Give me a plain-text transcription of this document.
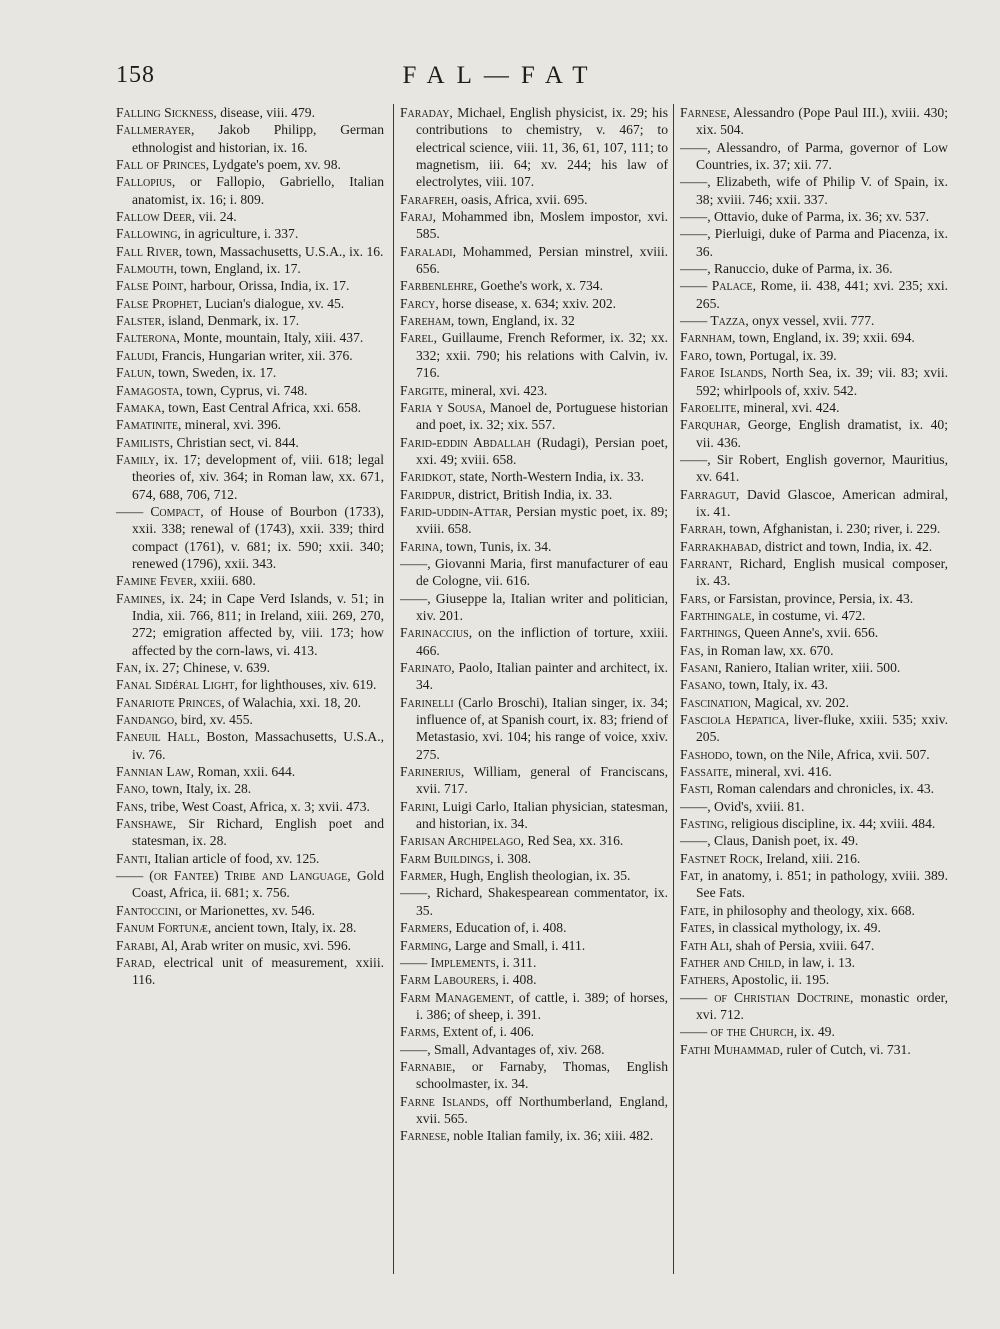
158	FAL—FAT

Falling Sickness, disease, viii. 479.

Fallmerayer, Jakob Philipp, German ethnologist and historian, ix. 16.

Fall of Princes, Lydgate's poem, xv. 98.

Fallopius, or Fallopio, Gabriello, Italian anatomist, ix. 16; i. 809.

Fallow Deer, vii. 24.

Fallowing, in agriculture, i. 337.

Fall River, town, Massachusetts, U.S.A., ix. 16.

Falmouth, town, England, ix. 17.

False Point, harbour, Orissa, India, ix. 17.

False Prophet, Lucian's dialogue, xv. 45.

Falster, island, Denmark, ix. 17.

Falterona, Monte, mountain, Italy, xiii. 437.

Faludi, Francis, Hungarian writer, xii. 376.

Falun, town, Sweden, ix. 17.

Famagosta, town, Cyprus, vi. 748.

Famaka, town, East Central Africa, xxi. 658.

Famatinite, mineral, xvi. 396.

Familists, Christian sect, vi. 844.

Family, ix. 17; development of, viii. 618; legal theories of, xiv. 364; in Roman law, xx. 671, 674, 688, 706, 712.

—— Compact, of House of Bourbon (1733), xxii. 338; renewal of (1743), xxii. 339; third compact (1761), v. 681; ix. 590; xxii. 340; renewed (1796), xxii. 343.

Famine Fever, xxiii. 680.

Famines, ix. 24; in Cape Verd Islands, v. 51; in India, xii. 766, 811; in Ireland, xiii. 269, 270, 272; emigration affected by, viii. 173; how affected by the corn-laws, vi. 413.

Fan, ix. 27; Chinese, v. 639.

Fanal Sidéral Light, for lighthouses, xiv. 619.

Fanariote Princes, of Walachia, xxi. 18, 20.

Fandango, bird, xv. 455.

Faneuil Hall, Boston, Massachusetts, U.S.A., iv. 76.

Fannian Law, Roman, xxii. 644.

Fano, town, Italy, ix. 28.

Fans, tribe, West Coast, Africa, x. 3; xvii. 473.

Fanshawe, Sir Richard, English poet and statesman, ix. 28.

Fanti, Italian article of food, xv. 125.

—— (or Fantee) Tribe and Language, Gold Coast, Africa, ii. 681; x. 756.

Fantoccini, or Marionettes, xv. 546.

Fanum Fortunæ, ancient town, Italy, ix. 28.

Farabi, Al, Arab writer on music, xvi. 596.

Farad, electrical unit of measurement, xxiii. 116.

Faraday, Michael, English physicist, ix. 29; his contributions to chemistry, v. 467; to electrical science, viii. 11, 36, 61, 107, 111; to magnetism, iii. 64; xv. 244; his law of electrolytes, viii. 107.

Farafreh, oasis, Africa, xvii. 695.

Faraj, Mohammed ibn, Moslem impostor, xvi. 585.

Faraladi, Mohammed, Persian minstrel, xviii. 656.

Farbenlehre, Goethe's work, x. 734.

Farcy, horse disease, x. 634; xxiv. 202.

Fareham, town, England, ix. 32

Farel, Guillaume, French Reformer, ix. 32; xx. 332; xxii. 790; his relations with Calvin, iv. 716.

Fargite, mineral, xvi. 423.

Faria y Sousa, Manoel de, Portuguese historian and poet, ix. 32; xix. 557.

Farid-eddin Abdallah (Rudagi), Persian poet, xxi. 49; xviii. 658.

Faridkot, state, North-Western India, ix. 33.

Faridpur, district, British India, ix. 33.

Farid-uddin-Attar, Persian mystic poet, ix. 89; xviii. 658.

Farina, town, Tunis, ix. 34.

——, Giovanni Maria, first manufacturer of eau de Cologne, vii. 616.

——, Giuseppe la, Italian writer and politician, xiv. 201.

Farinaccius, on the infliction of torture, xxiii. 466.

Farinato, Paolo, Italian painter and architect, ix. 34.

Farinelli (Carlo Broschi), Italian singer, ix. 34; influence of, at Spanish court, ix. 83; friend of Metastasio, xvi. 104; his range of voice, xxiv. 275.

Farinerius, William, general of Franciscans, xvii. 717.

Farini, Luigi Carlo, Italian physician, statesman, and historian, ix. 34.

Farisan Archipelago, Red Sea, xx. 316.

Farm Buildings, i. 308.

Farmer, Hugh, English theologian, ix. 35.

——, Richard, Shakespearean commentator, ix. 35.

Farmers, Education of, i. 408.

Farming, Large and Small, i. 411.

—— Implements, i. 311.

Farm Labourers, i. 408.

Farm Management, of cattle, i. 389; of horses, i. 386; of sheep, i. 391.

Farms, Extent of, i. 406.

——, Small, Advantages of, xiv. 268.

Farnabie, or Farnaby, Thomas, English schoolmaster, ix. 34.

Farne Islands, off Northumberland, England, xvii. 565.

Farnese, noble Italian family, ix. 36; xiii. 482.

Farnese, Alessandro (Pope Paul III.), xviii. 430; xix. 504.

——, Alessandro, of Parma, governor of Low Countries, ix. 37; xii. 77.

——, Elizabeth, wife of Philip V. of Spain, ix. 38; xviii. 746; xxii. 337.

——, Ottavio, duke of Parma, ix. 36; xv. 537.

——, Pierluigi, duke of Parma and Piacenza, ix. 36.

——, Ranuccio, duke of Parma, ix. 36.

—— Palace, Rome, ii. 438, 441; xvi. 235; xxi. 265.

—— Tazza, onyx vessel, xvii. 777.

Farnham, town, England, ix. 39; xxii. 694.

Faro, town, Portugal, ix. 39.

Faroe Islands, North Sea, ix. 39; vii. 83; xvii. 592; whirlpools of, xxiv. 542.

Faroelite, mineral, xvi. 424.

Farquhar, George, English dramatist, ix. 40; vii. 436.

——, Sir Robert, English governor, Mauritius, xv. 641.

Farragut, David Glascoe, American admiral, ix. 41.

Farrah, town, Afghanistan, i. 230; river, i. 229.

Farrakhabad, district and town, India, ix. 42.

Farrant, Richard, English musical composer, ix. 43.

Fars, or Farsistan, province, Persia, ix. 43.

Farthingale, in costume, vi. 472.

Farthings, Queen Anne's, xvii. 656.

Fas, in Roman law, xx. 670.

Fasani, Raniero, Italian writer, xiii. 500.

Fasano, town, Italy, ix. 43.

Fascination, Magical, xv. 202.

Fasciola Hepatica, liver-fluke, xxiii. 535; xxiv. 205.

Fashodo, town, on the Nile, Africa, xvii. 507.

Fassaite, mineral, xvi. 416.

Fasti, Roman calendars and chronicles, ix. 43.

——, Ovid's, xviii. 81.

Fasting, religious discipline, ix. 44; xviii. 484.

——, Claus, Danish poet, ix. 49.

Fastnet Rock, Ireland, xiii. 216.

Fat, in anatomy, i. 851; in pathology, xviii. 389. See Fats.

Fate, in philosophy and theology, xix. 668.

Fates, in classical mythology, ix. 49.

Fath Ali, shah of Persia, xviii. 647.

Father and Child, in law, i. 13.

Fathers, Apostolic, ii. 195.

—— of Christian Doctrine, monastic order, xvi. 712.

—— of the Church, ix. 49.

Fathi Muhammad, ruler of Cutch, vi. 731.
